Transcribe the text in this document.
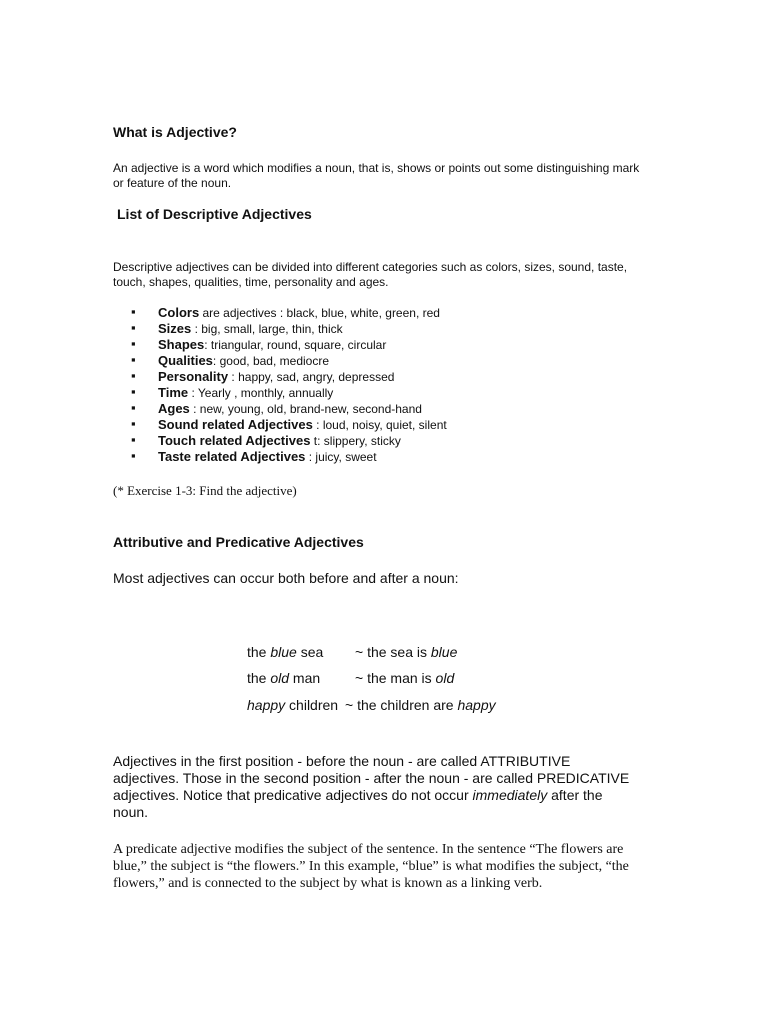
What is Adjective?
An adjective is a word which modifies a noun, that is, shows or points out some distinguishing mark or feature of the noun.
List of Descriptive Adjectives
Descriptive adjectives can be divided into different categories such as colors, sizes, sound, taste, touch, shapes, qualities, time, personality and ages.
▪ Colors are adjectives : black, blue, white, green, red
▪ Sizes : big, small, large, thin, thick
▪ Shapes: triangular, round, square, circular
▪ Qualities: good, bad, mediocre
▪ Personality : happy, sad, angry, depressed
▪ Time : Yearly , monthly, annually
▪ Ages : new, young, old, brand-new, second-hand
▪ Sound related Adjectives : loud, noisy, quiet, silent
▪ Touch related Adjectives t: slippery, sticky
▪ Taste related Adjectives : juicy, sweet
(* Exercise 1-3: Find the adjective)
Attributive and Predicative Adjectives
Most adjectives can occur both before and after a noun:
the blue sea ~ the sea is blue
the old man ~ the man is old
happy children ~ the children are happy
Adjectives in the first position - before the noun - are called ATTRIBUTIVE adjectives. Those in the second position - after the noun - are called PREDICATIVE adjectives. Notice that predicative adjectives do not occur immediately after the noun.
A predicate adjective modifies the subject of the sentence. In the sentence “The flowers are blue,” the subject is “the flowers.” In this example, “blue” is what modifies the subject, “the flowers,” and is connected to the subject by what is known as a linking verb.
